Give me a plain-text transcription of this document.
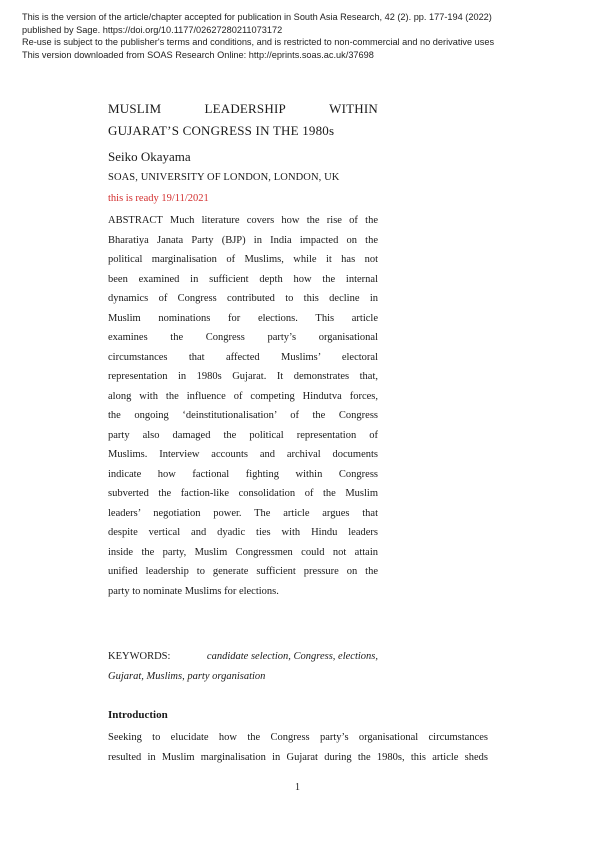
This is the version of the article/chapter accepted for publication in South Asia Research, 42 (2). pp. 177-194 (2022)
published by Sage. https://doi.org/10.1177/02627280211073172
Re-use is subject to the publisher's terms and conditions, and is restricted to non-commercial and no derivative uses
This version downloaded from SOAS Research Online: http://eprints.soas.ac.uk/37698
MUSLIM	LEADERSHIP	WITHIN
GUJARAT’S CONGRESS IN THE 1980s
Seiko Okayama
SOAS, UNIVERSITY OF LONDON, LONDON, UK
this is ready 19/11/2021
ABSTRACT Much literature covers how the rise of the
Bharatiya Janata Party (BJP) in India impacted on the
political marginalisation of Muslims, while it has not
been examined in sufficient depth how the internal
dynamics of Congress contributed to this decline in
Muslim nominations for elections. This article
examines the Congress party’s organisational
circumstances that affected Muslims’ electoral
representation in 1980s Gujarat. It demonstrates that,
along with the influence of competing Hindutva forces,
the ongoing ‘deinstitutionalisation’ of the Congress
party also damaged the political representation of
Muslims. Interview accounts and archival documents
indicate how factional fighting within Congress
subverted the faction-like consolidation of the Muslim
leaders’ negotiation power. The article argues that
despite vertical and dyadic ties with Hindu leaders
inside the party, Muslim Congressmen could not attain
unified leadership to generate sufficient pressure on the
party to nominate Muslims for elections.
KEYWORDS:	candidate selection, Congress, elections,
Gujarat, Muslims, party organisation
Introduction
Seeking to elucidate how the Congress party’s organisational circumstances
resulted in Muslim marginalisation in Gujarat during the 1980s, this article sheds
1
